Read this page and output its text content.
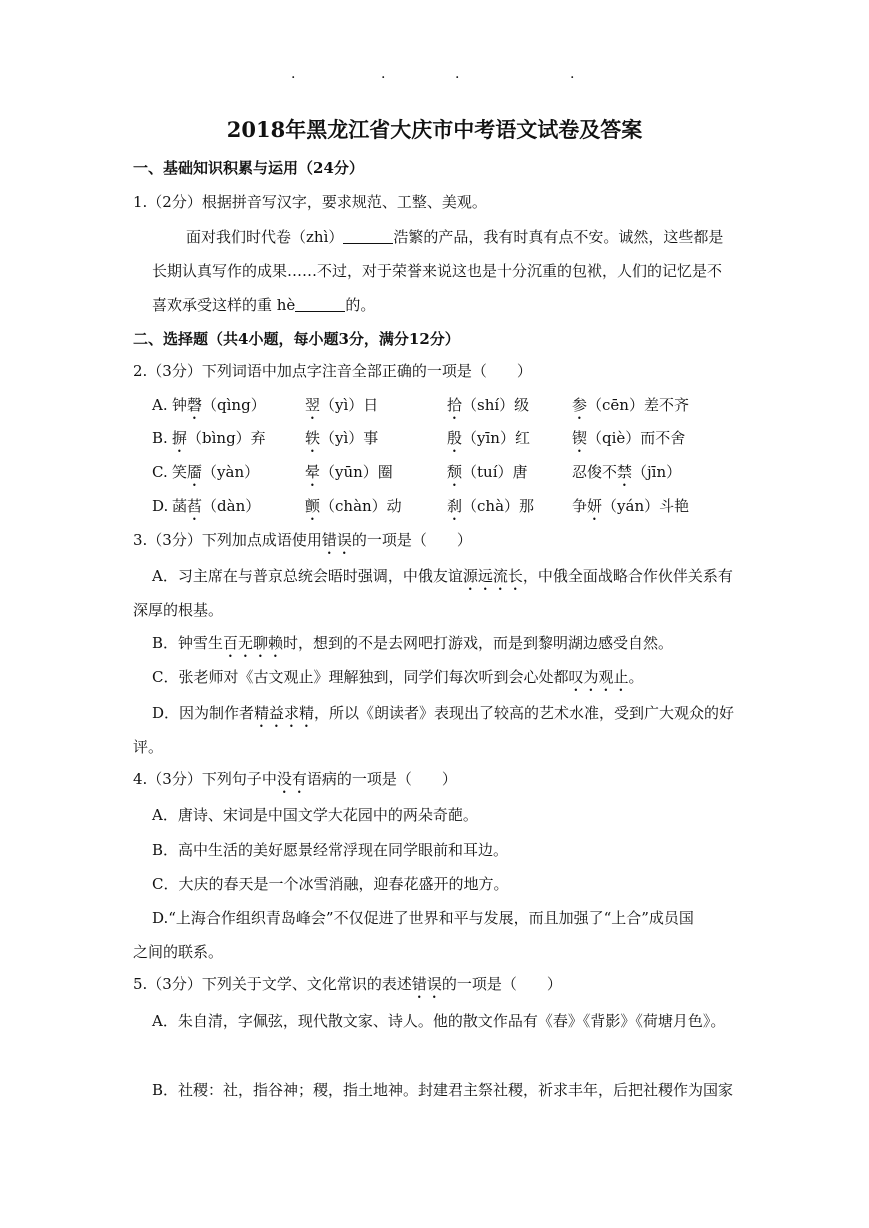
.	.	.	.
2018年黑龙江省大庆市中考语文试卷及答案
一、基础知识积累与运用（24分）
1.（2分）根据拼音写汉字，要求规范、工整、美观。
面对我们时代卷（zhì）	浩繁的产品，我有时真有点不安。诚然，这些都是
长期认真写作的成果……不过，对于荣誉来说这也是十分沉重的包袱，人们的记忆是不
喜欢承受这样的重 hè	的。
二、选择题（共4小题，每小题3分，满分12分）
2.（3分）下列词语中加点字注音全部正确的一项是（　　）
A. 钟磬（qìng）	翌（yì）日	拾（shí）级	参（cēn）差不齐
B. 摒（bìng）弃	轶（yì）事	殷（yīn）红	锲（qiè）而不舍
C. 笑靥（yàn）	晕（yūn）圈	颓（tuí）唐	忍俊不禁（jīn）
D. 菡萏（dàn）	颤（chàn）动	刹（chà）那	争妍（yán）斗艳
3.（3分）下列加点成语使用错误的一项是（　　）
A．习主席在与普京总统会晤时强调，中俄友谊源远流长，中俄全面战略合作伙伴关系有
深厚的根基。
B．钟雪生百无聊赖时，想到的不是去网吧打游戏，而是到黎明湖边感受自然。
C．张老师对《古文观止》理解独到，同学们每次听到会心处都叹为观止。
D．因为制作者精益求精，所以《朗读者》表现出了较高的艺术水准，受到广大观众的好
评。
4.（3分）下列句子中没有语病的一项是（　　）
A．唐诗、宋词是中国文学大花园中的两朵奇葩。
B．高中生活的美好愿景经常浮现在同学眼前和耳边。
C．大庆的春天是一个冰雪消融，迎春花盛开的地方。
D.“上海合作组织青岛峰会”不仅促进了世界和平与发展，而且加强了“上合”成员国
之间的联系。
5.（3分）下列关于文学、文化常识的表述错误的一项是（　　）
A．朱自清，字佩弦，现代散文家、诗人。他的散文作品有《春》《背影》《荷塘月色》。
B．社稷：社，指谷神；稷，指土地神。封建君主祭社稷，祈求丰年，后把社稷作为国家
